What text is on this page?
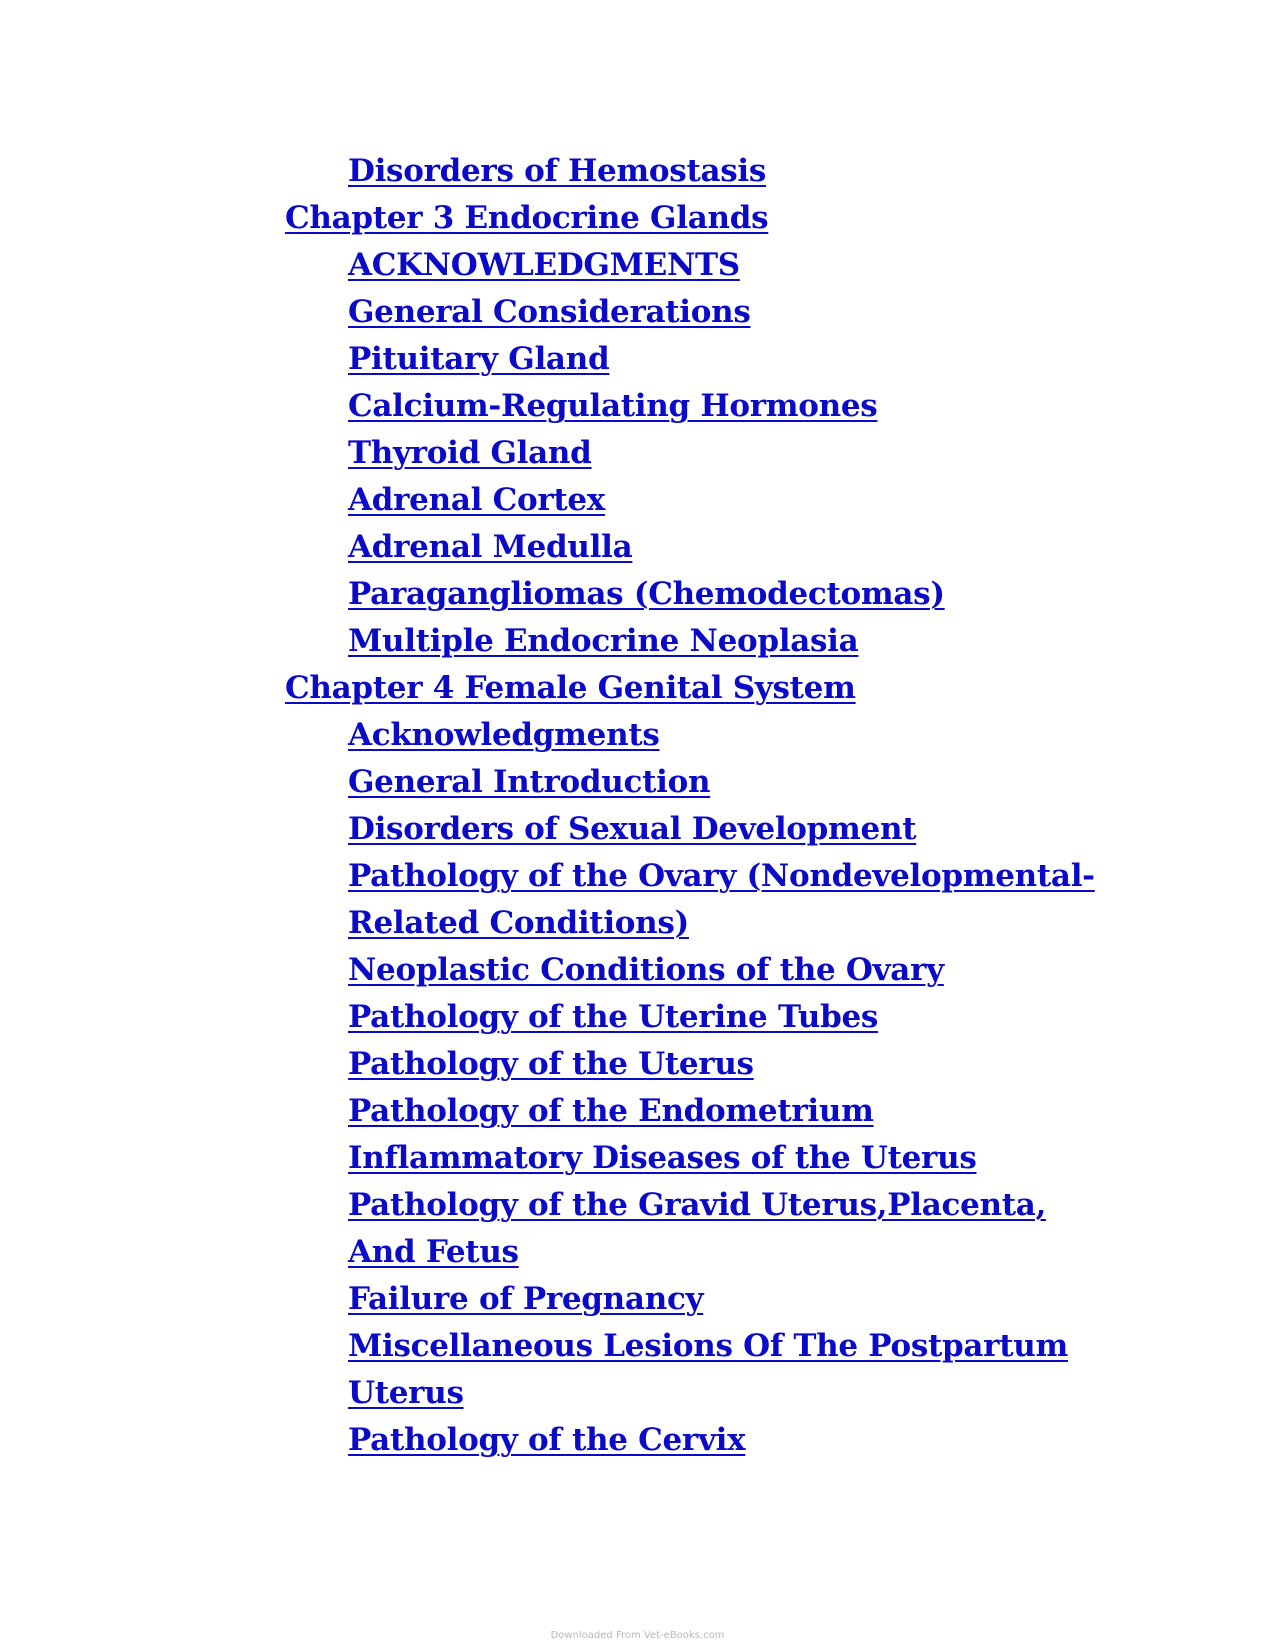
Disorders of Hemostasis
Chapter 3 Endocrine Glands
ACKNOWLEDGMENTS
General Considerations
Pituitary Gland
Calcium-Regulating Hormones
Thyroid Gland
Adrenal Cortex
Adrenal Medulla
Paragangliomas (Chemodectomas)
Multiple Endocrine Neoplasia
Chapter 4 Female Genital System
Acknowledgments
General Introduction
Disorders of Sexual Development
Pathology of the Ovary (Nondevelopmental-Related Conditions)
Neoplastic Conditions of the Ovary
Pathology of the Uterine Tubes
Pathology of the Uterus
Pathology of the Endometrium
Inflammatory Diseases of the Uterus
Pathology of the Gravid Uterus,Placenta, And Fetus
Failure of Pregnancy
Miscellaneous Lesions Of The Postpartum Uterus
Pathology of the Cervix
Downloaded From Vet-eBooks.com
